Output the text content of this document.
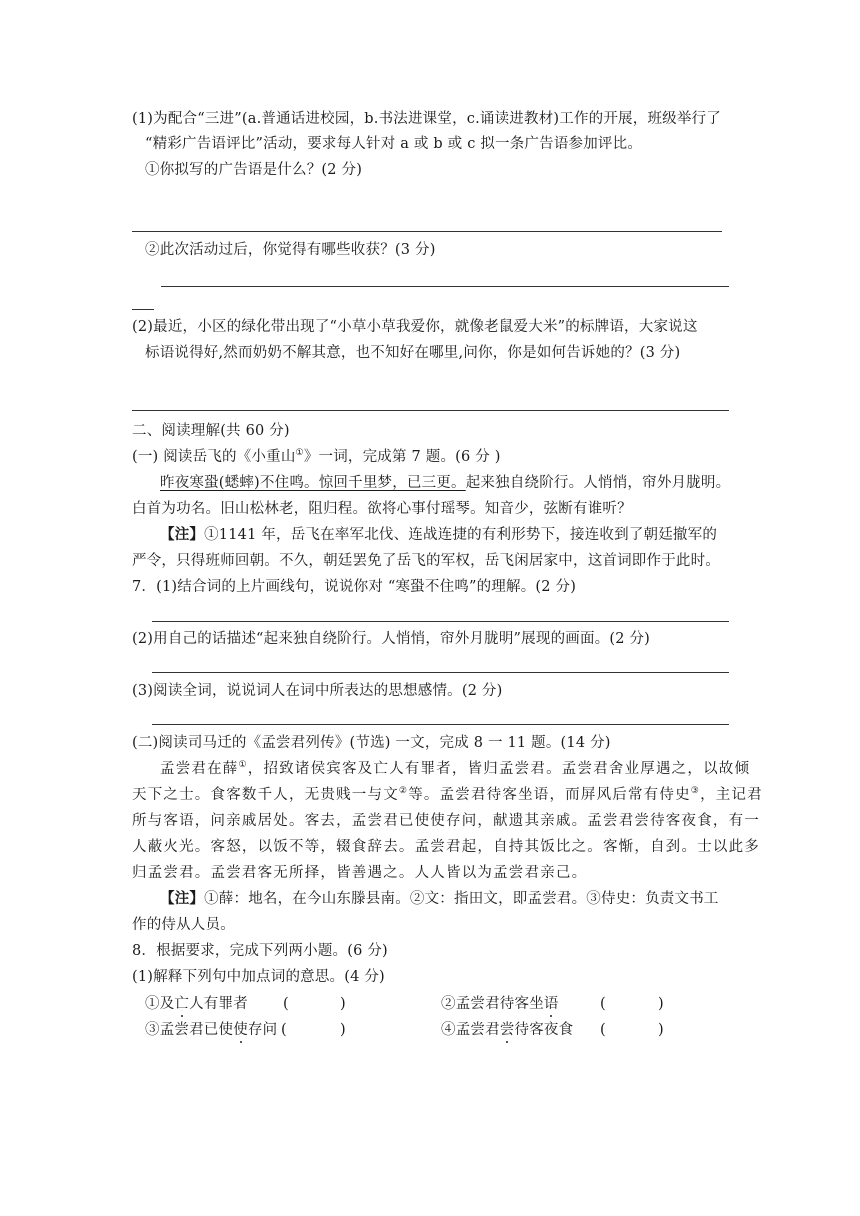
(1)为配合“三进”(a.普通话进校园，b.书法进课堂，c.诵读进教材)工作的开展，班级举行了
“精彩广告语评比”活动，要求每人针对 a 或 b 或 c 拟一条广告语参加评比。
①你拟写的广告语是什么？(2 分)
②此次活动过后，你觉得有哪些收获？(3 分)
(2)最近，小区的绿化带出现了“小草小草我爱你，就像老鼠爱大米”的标牌语，大家说这
标语说得好,然而奶奶不解其意，也不知好在哪里,问你，你是如何告诉她的？(3 分)
二、阅读理解(共 60 分)
(一) 阅读岳飞的《小重山①》一词，完成第 7 题。(6 分 )
昨夜寒蛩(蟋蟀)不住鸣。惊回千里梦，已三更。起来独自绕阶行。人悄悄，帘外月胧明。
白首为功名。旧山松林老，阻归程。欲将心事付瑶琴。知音少，弦断有谁听？
【注】①1141 年，岳飞在率军北伐、连战连捷的有利形势下，接连收到了朝廷撤军的
严令，只得班师回朝。不久，朝廷罢免了岳飞的军权，岳飞闲居家中，这首词即作于此时。
7．(1)结合词的上片画线句，说说你对 “寒蛩不住鸣”的理解。(2 分)
(2)用自己的话描述“起来独自绕阶行。人悄悄，帘外月胧明”展现的画面。(2 分)
(3)阅读全词，说说词人在词中所表达的思想感情。(2 分)
(二)阅读司马迁的《孟尝君列传》(节选) 一文，完成 8 一 11 题。(14 分)
孟尝君在薛①，招致诸侯宾客及亡人有罪者，皆归孟尝君。孟尝君舍业厚遇之，以故倾
天下之士。食客数千人，无贵贱一与文②等。孟尝君待客坐语，而屏风后常有侍史③，主记君
所与客语，问亲戚居处。客去，孟尝君已使使存问，献遗其亲戚。孟尝君尝待客夜食，有一
人蔽火光。客怒，以饭不等，辍食辞去。孟尝君起，自持其饭比之。客惭，自刭。士以此多
归孟尝君。孟尝君客无所择，皆善遇之。人人皆以为孟尝君亲己。
【注】①薛：地名，在今山东滕县南。②文：指田文，即孟尝君。③侍史：负责文书工
作的侍从人员。
8．根据要求，完成下列两小题。(6 分)
(1)解释下列句中加点词的意思。(4 分)
①及亡人有罪者 (	)	②孟尝君待客坐语	(	)
③孟尝君已使使存问 (	)	④孟尝君尝待客夜食 (	)
